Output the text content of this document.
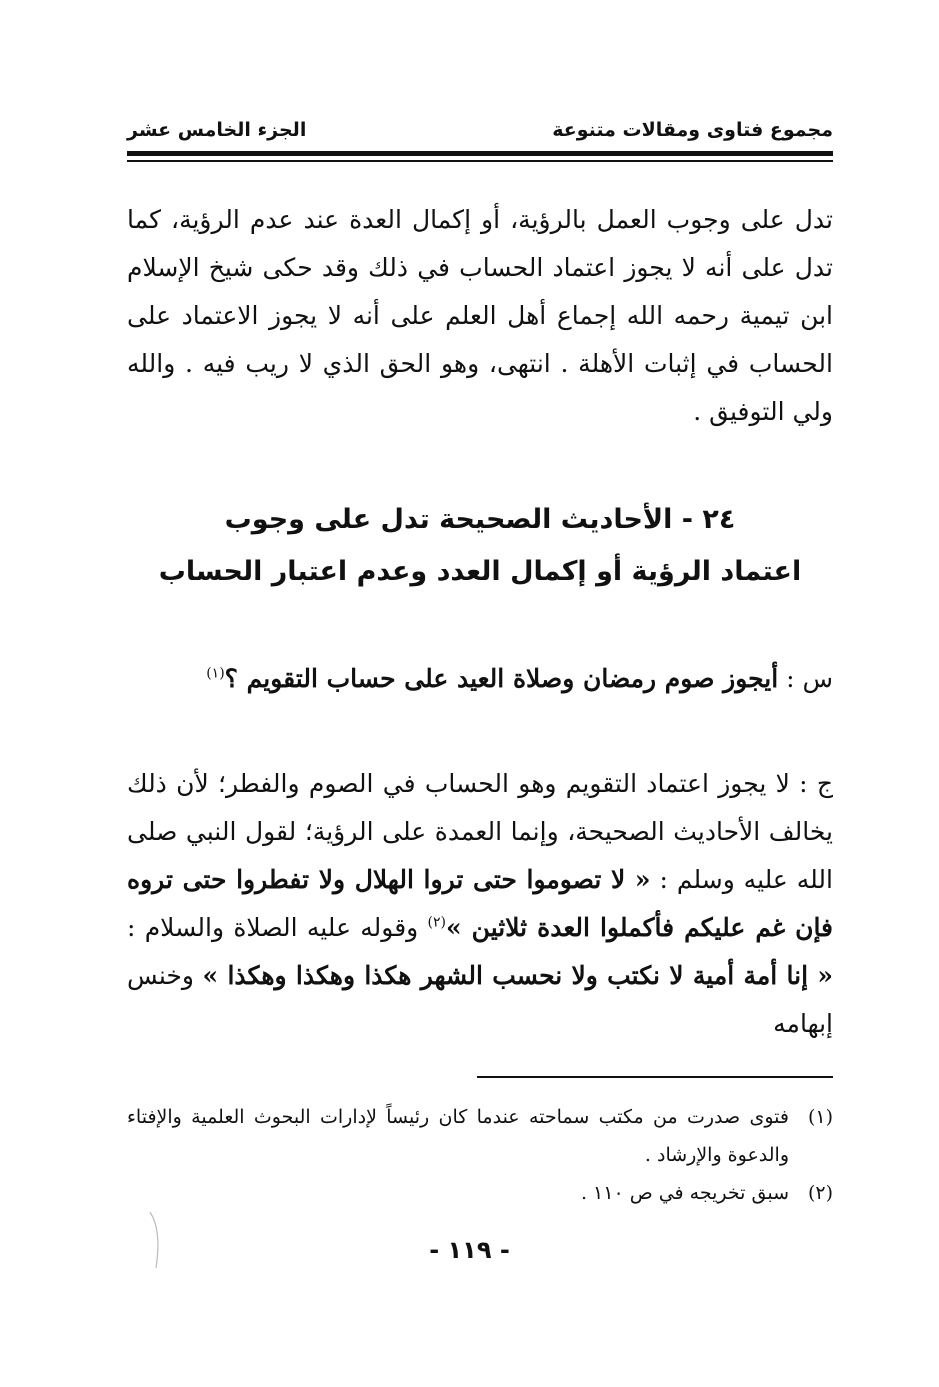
مجموع فتاوى ومقالات متنوعة
الجزء الخامس عشر
تدل على وجوب العمل بالرؤية، أو إكمال العدة عند عدم الرؤية، كما تدل على أنه لا يجوز اعتماد الحساب في ذلك وقد حكى شيخ الإسلام ابن تيمية رحمه الله إجماع أهل العلم على أنه لا يجوز الاعتماد على الحساب في إثبات الأهلة . انتهى، وهو الحق الذي لا ريب فيه . والله ولي التوفيق .
٢٤ - الأحاديث الصحيحة تدل على وجوب
اعتماد الرؤية أو إكمال العدد وعدم اعتبار الحساب
س : أيجوز صوم رمضان وصلاة العيد على حساب التقويم ؟$^{(١)}$
ج : لا يجوز اعتماد التقويم وهو الحساب في الصوم والفطر؛ لأن ذلك يخالف الأحاديث الصحيحة، وإنما العمدة على الرؤية؛ لقول النبي صلى الله عليه وسلم : « لا تصوموا حتى تروا الهلال ولا تفطروا حتى تروه فإن غم عليكم فأكملوا العدة ثلاثين »$^{(٢)}$ وقوله عليه الصلاة والسلام : « إنا أمة أمية لا نكتب ولا نحسب الشهر هكذا وهكذا وهكذا » وخنس إبهامه
(١)
فتوى صدرت من مكتب سماحته عندما كان رئيساً لإدارات البحوث العلمية والإفتاء والدعوة والإرشاد .
(٢)
سبق تخريجه في ص ١١٠ .
- ١١٩ -
